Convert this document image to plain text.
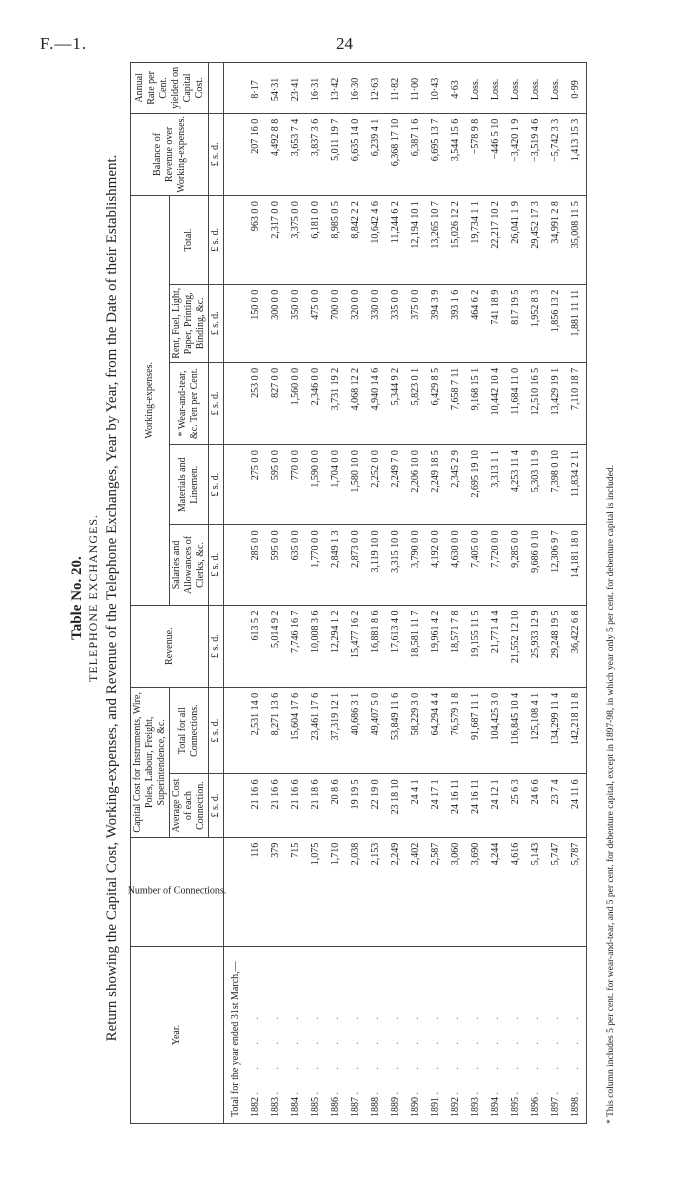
F.—1.	24
Table No. 20. TELEPHONE EXCHANGES. Return showing the Capital Cost, Working-expenses, and Revenue of the Telephone Exchanges, Year by Year, from the Date of their Establishment.	Year.	Number of Connections.	Capital Cost for Instruments, Wire, Poles, Labour, Freight, Superintendence, &c.		Revenue.	Working-expenses.					Balance of Revenue over Working-expenses.	Annual Rate per Cent. yielded on Capital Cost.
		Average Cost of each Connection.	Total for all Connections.		Salaries and Allowances of Clerks, &c.	Materials and Linemen.	* Wear-and-tear, &c. Ten per Cent.	Rent, Fuel, Light, Paper, Printing, Binding, &c.	Total.		
		£ s. d.	£ s. d.	£ s. d.	£ s. d.	£ s. d.	£ s. d.	£ s. d.	£ s. d.	£ s. d.	
Total for the year ended 31st March,—											
1882 . . . .	116	21 16 6	2,531 14 0	613 5 2	285 0 0	275 0 0	253 0 0	150 0 0	963 0 0	207 16 0	8·17
1883 . . . .	379	21 16 6	8,271 13 6	5,014 9 2	595 0 0	595 0 0	827 0 0	300 0 0	2,317 0 0	4,492 8 8	54·31
1884 . . . .	715	21 16 6	15,604 17 6	7,746 16 7	635 0 0	770 0 0	1,560 0 0	350 0 0	3,375 0 0	3,653 7 4	23·41
1885 . . . .	1,075	21 18 6	23,461 17 6	10,008 3 6	1,770 0 0	1,590 0 0	2,346 0 0	475 0 0	6,181 0 0	3,837 3 6	16·31
1886 . . . .	1,710	20 8 6	37,319 12 1	12,294 1 2	2,849 1 3	1,704 0 0	3,731 19 2	700 0 0	8,985 0 5	5,011 19 7	13·42
1887 . . . .	2,038	19 19 5	40,686 3 1	15,477 16 2	2,873 0 0	1,580 10 0	4,068 12 2	320 0 0	8,842 2 2	6,635 14 0	16·30
1888 . . . .	2,153	22 19 0	49,407 5 0	16,881 8 6	3,119 10 0	2,252 0 0	4,940 14 6	330 0 0	10,642 4 6	6,239 4 1	12·63
1889 . . . .	2,249	23 18 10	53,849 11 6	17,613 4 0	3,315 10 0	2,249 7 0	5,344 9 2	335 0 0	11,244 6 2	6,368 17 10	11·82
1890 . . . .	2,402	24 4 1	58,229 3 0	18,581 11 7	3,790 0 0	2,206 10 0	5,823 0 1	375 0 0	12,194 10 1	6,387 1 6	11·00
1891 . . . .	2,587	24 17 1	64,294 4 4	19,961 4 2	4,192 0 0	2,249 18 5	6,429 8 5	394 3 9	13,265 10 7	6,695 13 7	10·43
1892 . . . .	3,060	24 16 11	76,579 1 8	18,571 7 8	4,630 0 0	2,345 2 9	7,658 7 11	393 1 6	15,026 12 2	3,544 15 6	4·63
1893 . . . .	3,690	24 16 11	91,687 11 1	19,155 11 5	7,405 0 0	2,695 19 10	9,168 15 1	464 6 2	19,734 1 1	−578 9 8	Loss.
1894 . . . .	4,244	24 12 1	104,425 3 0	21,771 4 4	7,720 0 0	3,313 1 1	10,442 10 4	741 18 9	22,217 10 2	−446 5 10	Loss.
1895 . . . .	4,616	25 6 3	116,845 10 4	21,552 12 10	9,285 0 0	4,253 11 4	11,684 11 0	817 19 5	26,041 1 9	−3,420 1 9	Loss.
1896 . . . .	5,143	24 6 6	125,108 4 1	25,933 12 9	9,686 0 10	5,303 11 9	12,510 16 5	1,952 8 3	29,452 17 3	−3,519 4 6	Loss.
1897 . . . .	5,747	23 7 4	134,299 11 4	29,248 19 5	12,306 9 7	7,398 0 10	13,429 19 1	1,856 13 2	34,991 2 8	−5,742 3 3	Loss.
1898 . . . .	5,787	24 11 6	142,218 11 8	36,422 6 8	14,181 18 0	11,834 2 11	7,110 18 7	1,881 11 11	35,008 11 5	1,413 15 3	0·99
* This column includes 5 per cent. for wear-and-tear, and 5 per cent. for debenture capital, except in 1897-98, in which year only 5 per cent. for debenture capital is included.
